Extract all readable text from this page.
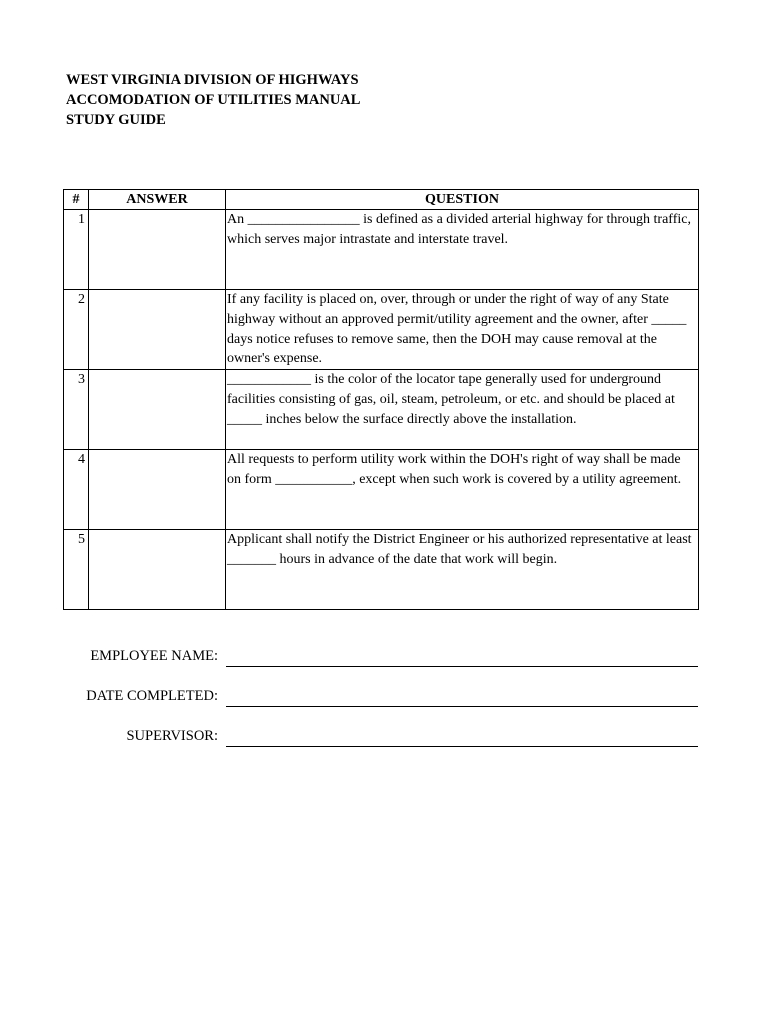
WEST VIRGINIA DIVISION OF HIGHWAYS
ACCOMODATION OF UTILITIES MANUAL
STUDY GUIDE
#	ANSWER	QUESTION
1		An ________________ is defined as a divided arterial highway for through traffic, which serves major intrastate and interstate travel.
2		If any facility is placed on, over, through or under the right of way of any State highway without an approved permit/utility agreement and the owner, after _____ days notice refuses to remove same, then the DOH may cause removal at the owner's expense.
3		____________ is the color of the locator tape generally used for underground facilities consisting of gas, oil, steam, petroleum, or etc. and should be placed at _____ inches below the surface directly above the installation.
4		All requests to perform utility work within the DOH's right of way shall be made on form ___________, except when such work is covered by a utility agreement.
5		Applicant shall notify the District Engineer or his authorized representative at least _______ hours in advance of the date that work will begin.
EMPLOYEE NAME:
DATE COMPLETED:
SUPERVISOR:
